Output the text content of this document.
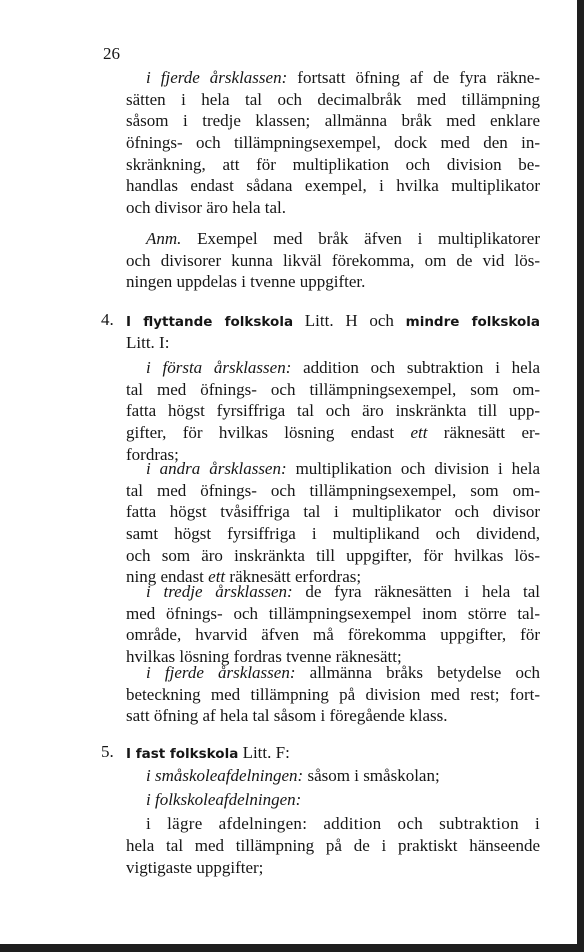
26
i fjerde årsklassen: fortsatt öfning af de fyra räkne-
sätten i hela tal och decimalbråk med tillämpning
såsom i tredje klassen; allmänna bråk med enklare
öfnings- och tillämpningsexempel, dock med den in-
skränkning, att för multiplikation och division be-
handlas endast sådana exempel, i hvilka multiplikator
och divisor äro hela tal.
Anm. Exempel med bråk äfven i multiplikatorer
och divisorer kunna likväl förekomma, om de vid lös-
ningen uppdelas i tvenne uppgifter.
4. I flyttande folkskola Litt. H och mindre folkskola
Litt. I:
i första årsklassen: addition och subtraktion i hela
tal med öfnings- och tillämpningsexempel, som om-
fatta högst fyrsiffriga tal och äro inskränkta till upp-
gifter, för hvilkas lösning endast ett räknesätt er-
fordras;
i andra årsklassen: multiplikation och division i hela
tal med öfnings- och tillämpningsexempel, som om-
fatta högst tvåsiffriga tal i multiplikator och divisor
samt högst fyrsiffriga i multiplikand och dividend,
och som äro inskränkta till uppgifter, för hvilkas lös-
ning endast ett räknesätt erfordras;
i tredje årsklassen: de fyra räknesätten i hela tal
med öfnings- och tillämpningsexempel inom större tal-
område, hvarvid äfven må förekomma uppgifter, för
hvilkas lösning fordras tvenne räknesätt;
i fjerde årsklassen: allmänna bråks betydelse och
beteckning med tillämpning på division med rest; fort-
satt öfning af hela tal såsom i föregående klass.
5. I fast folkskola Litt. F:
i småskoleafdelningen: såsom i småskolan;
i folkskoleafdelningen:
i lägre afdelningen: addition och subtraktion i
hela tal med tillämpning på de i praktiskt hänseende
vigtigaste uppgifter;
